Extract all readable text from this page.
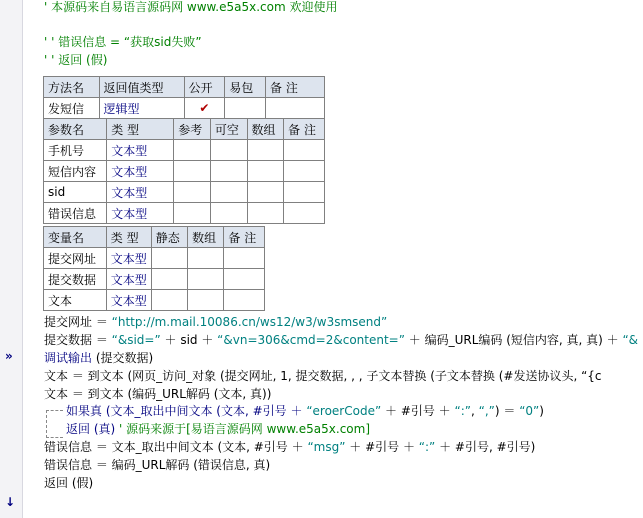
»
↓
' 本源码来自易语言源码网 www.e5a5x.com 欢迎使用
' ' 错误信息 = “获取sid失败”
' ' 返回 (假)
方法名	返回值类型	公开	易包	备 注
发短信	逻辑型	✔		
参数名	类 型	参考	可空	数组	备 注
手机号	文本型				
短信内容	文本型				
sid	文本型				
错误信息	文本型				
变量名	类 型	静态	数组	备 注
提交网址	文本型			
提交数据	文本型			
文本	文本型			
提交网址 ＝ “http://m.mail.10086.cn/ws12/w3/w3smsend”
提交数据 ＝ “&sid=” ＋ sid ＋ “&vn=306&cmd=2&content=” ＋ 编码_URL编码 (短信内容, 真, 真) ＋ “&
调试输出 (提交数据)
文本 ＝ 到文本 (网页_访问_对象 (提交网址, 1, 提交数据, , , 子文本替换 (子文本替换 (#发送协议头, “{c
文本 ＝ 到文本 (编码_URL解码 (文本, 真))
如果真 (文本_取出中间文本 (文本, #引号 ＋ “eroerCode” ＋ #引号 ＋ “:”, “,”) ＝ “0”)
返回 (真) ' 源码来源于[易语言源码网 www.e5a5x.com]
错误信息 ＝ 文本_取出中间文本 (文本, #引号 ＋ “msg” ＋ #引号 ＋ “:” ＋ #引号, #引号)
错误信息 ＝ 编码_URL解码 (错误信息, 真)
返回 (假)
